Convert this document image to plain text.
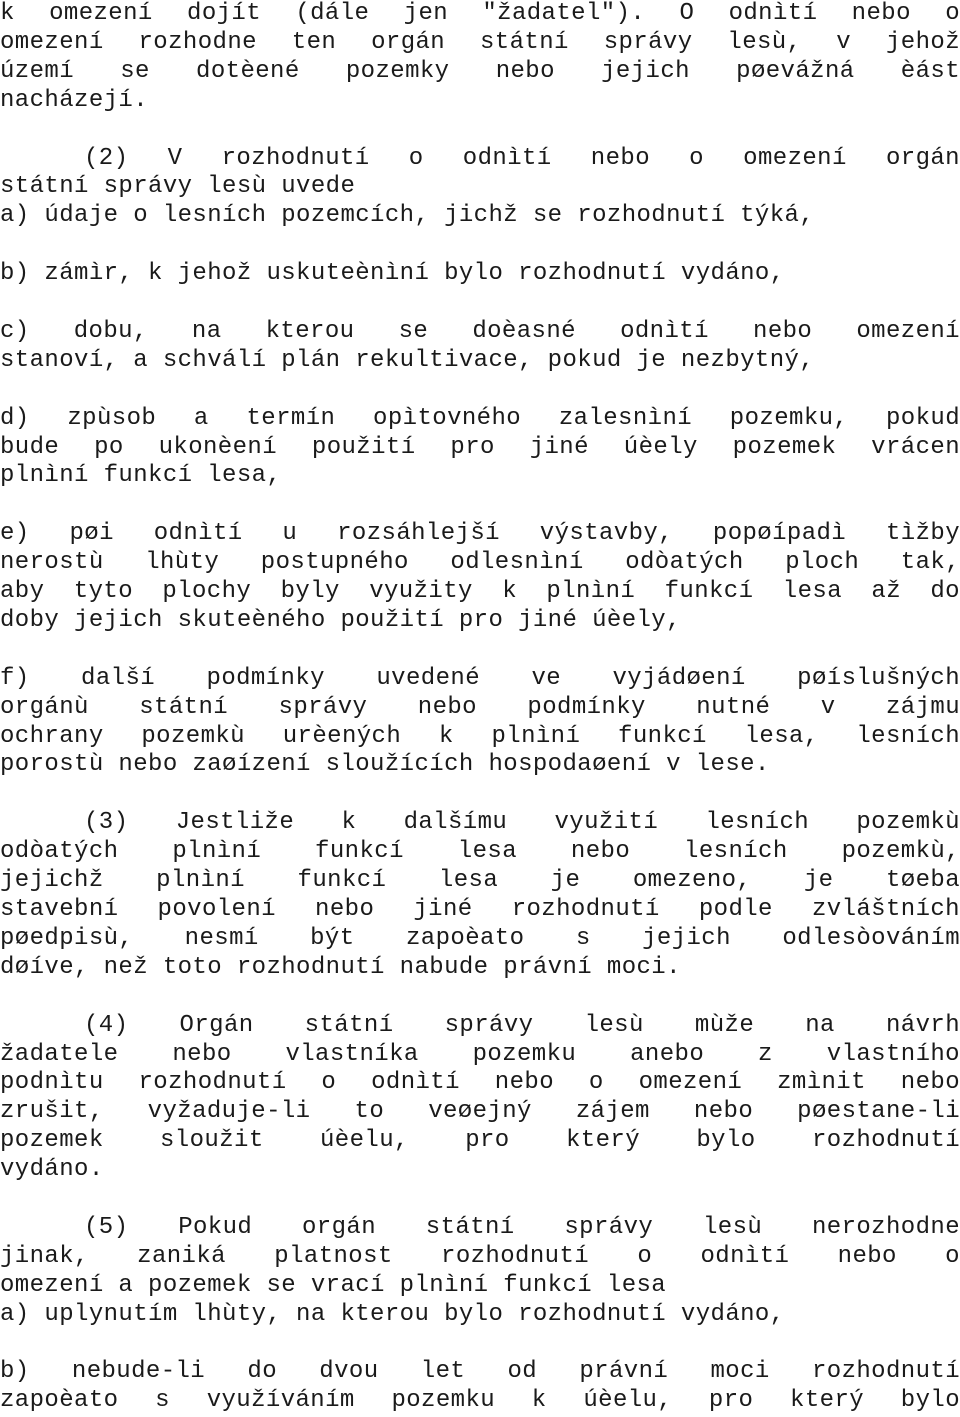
k omezení dojít (dále jen "žadatel"). O odnìtí nebo o
omezení rozhodne ten orgán státní správy lesù, v jehož
území se dotèené pozemky nebo jejich pøevážná èást
nacházejí.
(2) V rozhodnutí o odnìtí nebo o omezení orgán
státní správy lesù uvede
a) údaje o lesních pozemcích, jichž se rozhodnutí týká,
b) zámìr, k jehož uskuteènìní bylo rozhodnutí vydáno,
c) dobu, na kterou se doèasné odnìtí nebo omezení
stanoví, a schválí plán rekultivace, pokud je nezbytný,
d) zpùsob a termín opìtovného zalesnìní pozemku, pokud
bude po ukonèení použití pro jiné úèely pozemek vrácen
plnìní funkcí lesa,
e) pøi odnìtí u rozsáhlejší výstavby, popøípadì tìžby
nerostù lhùty postupného odlesnìní odòatých ploch tak,
aby tyto plochy byly využity k plnìní funkcí lesa až do
doby jejich skuteèného použití pro jiné úèely,
f) další podmínky uvedené ve vyjádøení pøíslušných
orgánù státní správy nebo podmínky nutné v zájmu
ochrany pozemkù urèených k plnìní funkcí lesa, lesních
porostù nebo zaøízení sloužících hospodaøení v lese.
(3) Jestliže k dalšímu využití lesních pozemkù
odòatých plnìní funkcí lesa nebo lesních pozemkù,
jejichž plnìní funkcí lesa je omezeno, je tøeba
stavební povolení nebo jiné rozhodnutí podle zvláštních
pøedpisù, nesmí být zapoèato s jejich odlesòováním
døíve, než toto rozhodnutí nabude právní moci.
(4) Orgán státní správy lesù mùže na návrh
žadatele nebo vlastníka pozemku anebo z vlastního
podnìtu rozhodnutí o odnìtí nebo o omezení zmìnit nebo
zrušit, vyžaduje-li to veøejný zájem nebo pøestane-li
pozemek sloužit úèelu, pro který bylo rozhodnutí
vydáno.
(5) Pokud orgán státní správy lesù nerozhodne
jinak, zaniká platnost rozhodnutí o odnìtí nebo o
omezení a pozemek se vrací plnìní funkcí lesa
a) uplynutím lhùty, na kterou bylo rozhodnutí vydáno,
b) nebude-li do dvou let od právní moci rozhodnutí
zapoèato s využíváním pozemku k úèelu, pro který bylo
